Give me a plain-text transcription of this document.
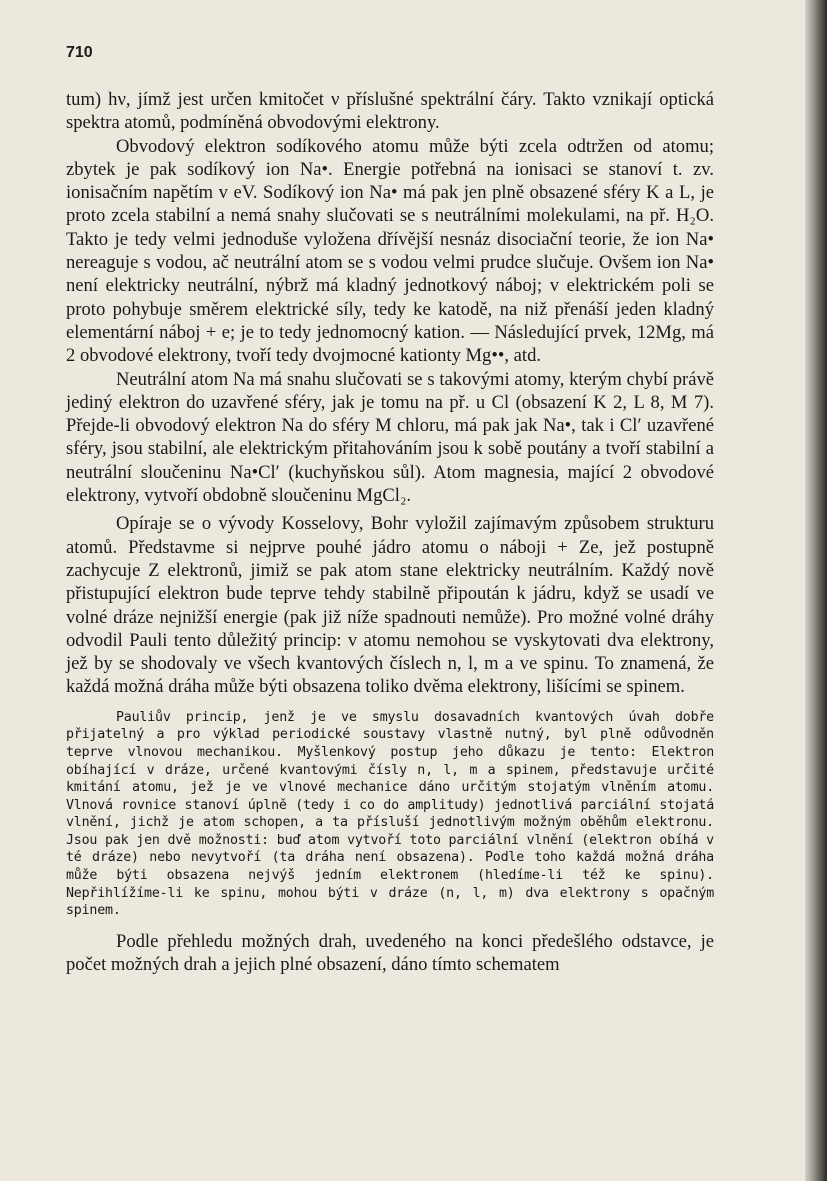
710

tum) hν, jímž jest určen kmitočet ν příslušné spektrální čáry. Takto vznikají optická spektra atomů, podmíněná obvodovými elektrony.

Obvodový elektron sodíkového atomu může býti zcela odtržen od atomu; zbytek je pak sodíkový ion Na•. Energie potřebná na ionisaci se stanoví t. zv. ionisačním napětím v eV. Sodíkový ion Na• má pak jen plně obsazené sféry K a L, je proto zcela stabilní a nemá snahy slučovati se s neutrálními molekulami, na př. H₂O. Takto je tedy velmi jednoduše vyložena dřívější nesnáz disociační teorie, že ion Na• nereaguje s vodou, ač neutrální atom se s vodou velmi prudce slučuje. Ovšem ion Na• není elektricky neutrální, nýbrž má kladný jednotkový náboj; v elektrickém poli se proto pohybuje směrem elektrické síly, tedy ke katodě, na niž přenáší jeden kladný elementární náboj + e; je to tedy jednomocný kation. — Následující prvek, 12Mg, má 2 obvodové elektrony, tvoří tedy dvojmocné kationty Mg••, atd.

Neutrální atom Na má snahu slučovati se s takovými atomy, kterým chybí právě jediný elektron do uzavřené sféry, jak je tomu na př. u Cl (obsazení K 2, L 8, M 7). Přejde-li obvodový elektron Na do sféry M chloru, má pak jak Na•, tak i Cl′ uzavřené sféry, jsou stabilní, ale elektrickým přitahováním jsou k sobě poutány a tvoří stabilní a neutrální sloučeninu Na•Cl′ (kuchyňskou sůl). Atom magnesia, mající 2 obvodové elektrony, vytvoří obdobně sloučeninu MgCl₂.

Opíraje se o vývody Kosselovy, Bohr vyložil zajímavým způsobem strukturu atomů. Představme si nejprve pouhé jádro atomu o náboji + Ze, jež postupně zachycuje Z elektronů, jimiž se pak atom stane elektricky neutrálním. Každý nově přistupující elektron bude teprve tehdy stabilně připoután k jádru, když se usadí ve volné dráze nejnižší energie (pak již níže spadnouti nemůže). Pro možné volné dráhy odvodil Pauli tento důležitý princip: v atomu nemohou se vyskytovati dva elektrony, jež by se shodovaly ve všech kvantových číslech n, l, m a ve spinu. To znamená, že každá možná dráha může býti obsazena toliko dvěma elektrony, lišícími se spinem.

Pauliův princip, jenž je ve smyslu dosavadních kvantových úvah dobře přijatelný a pro výklad periodické soustavy vlastně nutný, byl plně odůvodněn teprve vlnovou mechanikou. Myšlenkový postup jeho důkazu je tento: Elektron obíhající v dráze, určené kvantovými čísly n, l, m a spinem, představuje určité kmitání atomu, jež je ve vlnové mechanice dáno určitým stojatým vlněním atomu. Vlnová rovnice stanoví úplně (tedy i co do amplitudy) jednotlivá parciální stojatá vlnění, jichž je atom schopen, a ta přísluší jednotlivým možným oběhům elektronu. Jsou pak jen dvě možnosti: buď atom vytvoří toto parciální vlnění (elektron obíhá v té dráze) nebo nevytvoří (ta dráha není obsazena). Podle toho každá možná dráha může býti obsazena nejvýš jedním elektronem (hledíme-li též ke spinu). Nepřihlížíme-li ke spinu, mohou býti v dráze (n, l, m) dva elektrony s opačným spinem.

Podle přehledu možných drah, uvedeného na konci předešlého odstavce, je počet možných drah a jejich plné obsazení, dáno tímto schematem
